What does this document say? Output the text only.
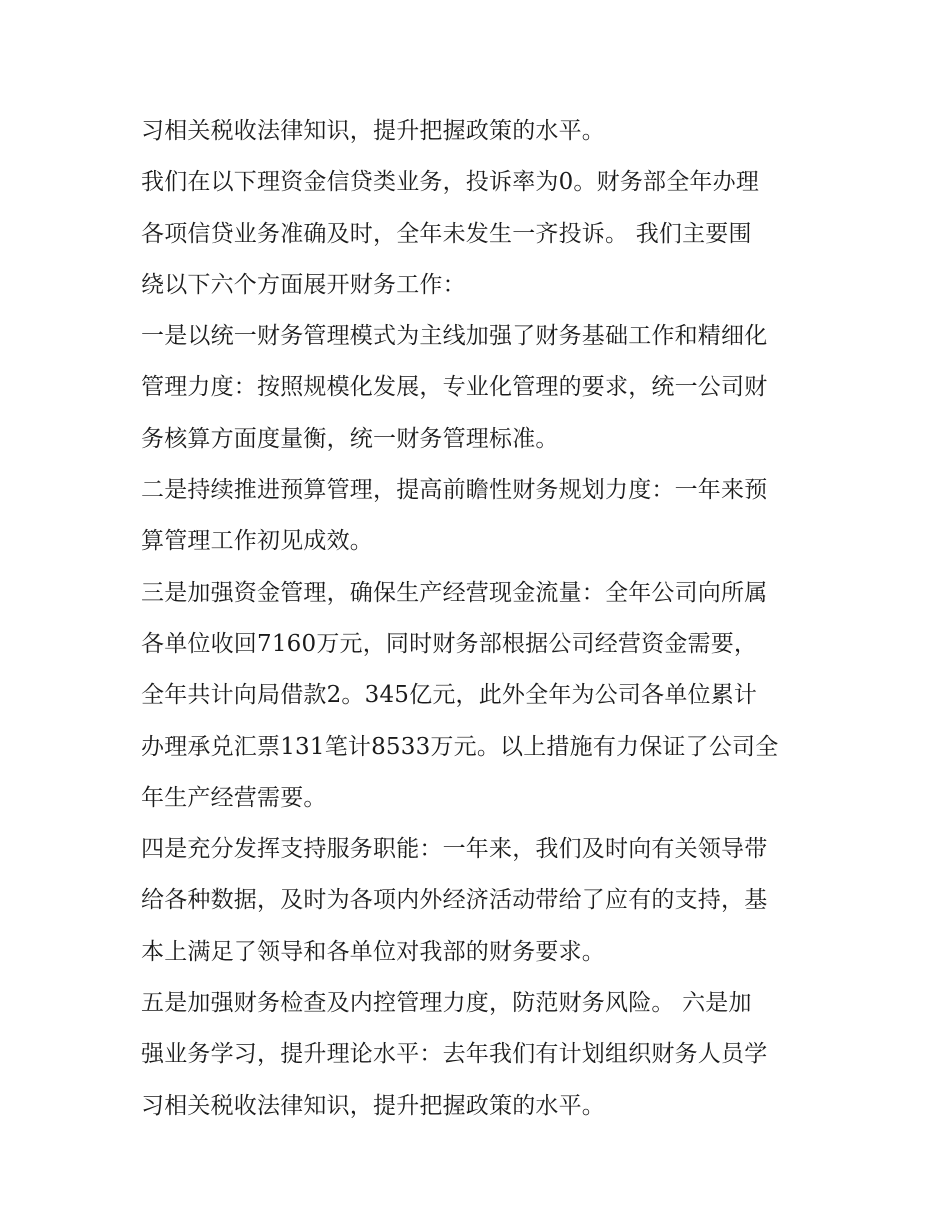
习相关税收法律知识，提升把握政策的水平。
我们在以下理资金信贷类业务，投诉率为0。财务部全年办理
各项信贷业务准确及时，全年未发生一齐投诉。 我们主要围
绕以下六个方面展开财务工作：
一是以统一财务管理模式为主线加强了财务基础工作和精细化
管理力度：按照规模化发展，专业化管理的要求，统一公司财
务核算方面度量衡，统一财务管理标准。
二是持续推进预算管理，提高前瞻性财务规划力度：一年来预
算管理工作初见成效。
三是加强资金管理，确保生产经营现金流量：全年公司向所属
各单位收回7160万元，同时财务部根据公司经营资金需要，
全年共计向局借款2。345亿元，此外全年为公司各单位累计
办理承兑汇票131笔计8533万元。以上措施有力保证了公司全
年生产经营需要。
四是充分发挥支持服务职能：一年来，我们及时向有关领导带
给各种数据，及时为各项内外经济活动带给了应有的支持，基
本上满足了领导和各单位对我部的财务要求。
五是加强财务检查及内控管理力度，防范财务风险。 六是加
强业务学习，提升理论水平：去年我们有计划组织财务人员学
习相关税收法律知识，提升把握政策的水平。
